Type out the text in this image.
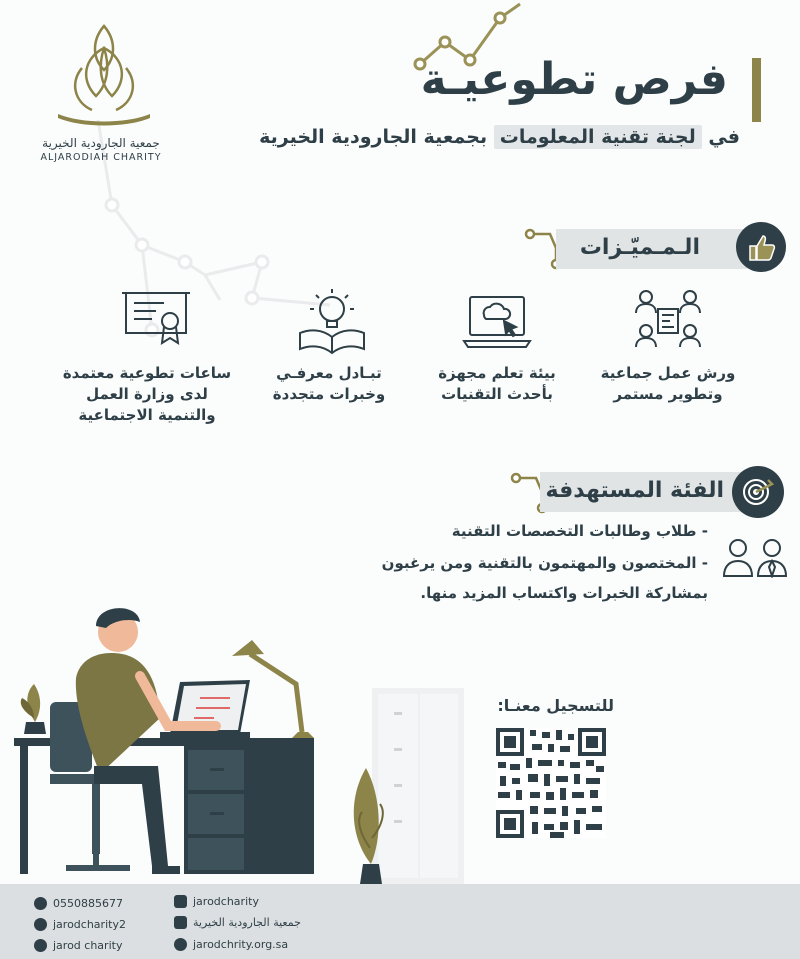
جمعية الجارودية الخيرية
ALJARODIAH CHARITY
فرص تطوعيـة
في لجنة تقنية المعلومات بجمعية الجارودية الخيرية
الـمـميّـزات
ورش عمل جماعية
وتطوير مستمر
بيئة تعلم مجهزة
بأحدث التقنيات
تبـادل معرفـي
وخبرات متجددة
ساعات تطوعية معتمدة
لدى وزارة العمل
والتنمية الاجتماعية
الفئة المستهدفة
- طلاب وطالبات التخصصات التقنية
- المختصون والمهتمون بالتقنية ومن يرغبون
بمشاركة الخبرات واكتساب المزيد منها.
للتسجيل معنـا:
0550885677
jarodcharity2
jarod charity
jarodcharity
جمعية الجارودية الخيرية
jarodchrity.org.sa
